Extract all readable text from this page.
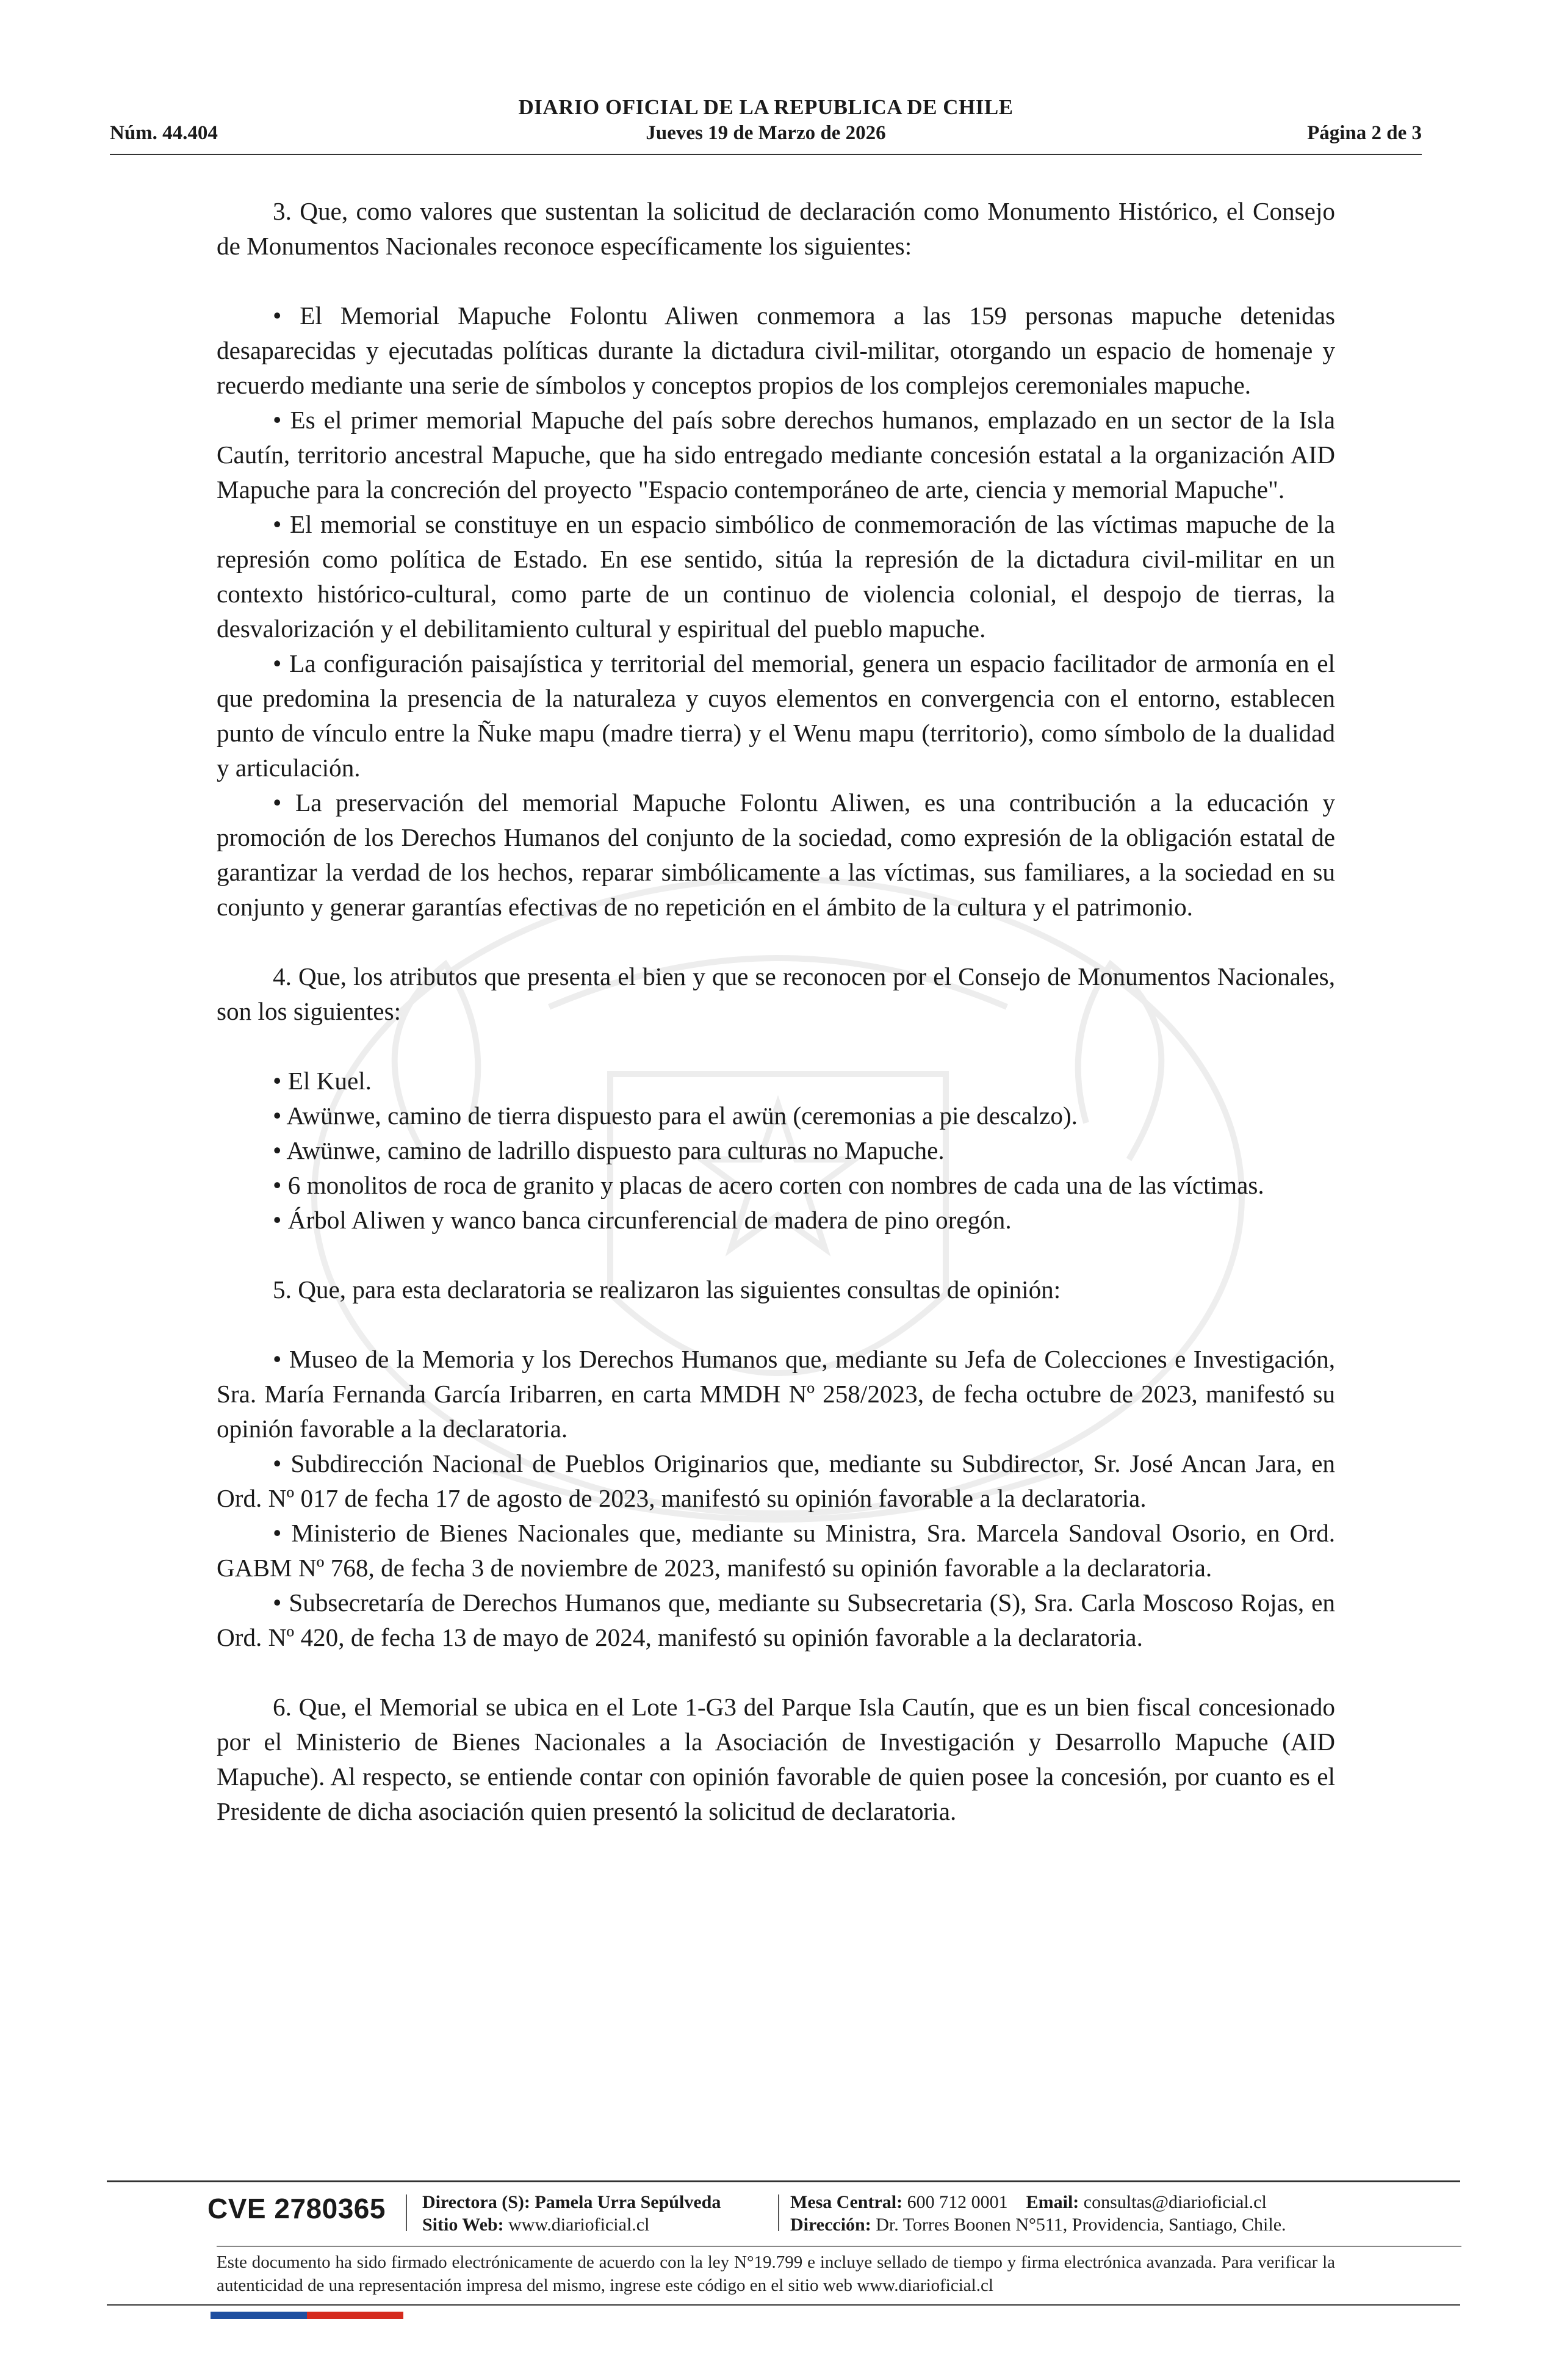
DIARIO OFICIAL DE LA REPUBLICA DE CHILE
Núm. 44.404	Jueves 19 de Marzo de 2026	Página 2 de 3

3. Que, como valores que sustentan la solicitud de declaración como Monumento Histórico, el Consejo de Monumentos Nacionales reconoce específicamente los siguientes:

• El Memorial Mapuche Folontu Aliwen conmemora a las 159 personas mapuche detenidas desaparecidas y ejecutadas políticas durante la dictadura civil-militar, otorgando un espacio de homenaje y recuerdo mediante una serie de símbolos y conceptos propios de los complejos ceremoniales mapuche.

• Es el primer memorial Mapuche del país sobre derechos humanos, emplazado en un sector de la Isla Cautín, territorio ancestral Mapuche, que ha sido entregado mediante concesión estatal a la organización AID Mapuche para la concreción del proyecto "Espacio contemporáneo de arte, ciencia y memorial Mapuche".

• El memorial se constituye en un espacio simbólico de conmemoración de las víctimas mapuche de la represión como política de Estado. En ese sentido, sitúa la represión de la dictadura civil-militar en un contexto histórico-cultural, como parte de un continuo de violencia colonial, el despojo de tierras, la desvalorización y el debilitamiento cultural y espiritual del pueblo mapuche.

• La configuración paisajística y territorial del memorial, genera un espacio facilitador de armonía en el que predomina la presencia de la naturaleza y cuyos elementos en convergencia con el entorno, establecen punto de vínculo entre la Ñuke mapu (madre tierra) y el Wenu mapu (territorio), como símbolo de la dualidad y articulación.

• La preservación del memorial Mapuche Folontu Aliwen, es una contribución a la educación y promoción de los Derechos Humanos del conjunto de la sociedad, como expresión de la obligación estatal de garantizar la verdad de los hechos, reparar simbólicamente a las víctimas, sus familiares, a la sociedad en su conjunto y generar garantías efectivas de no repetición en el ámbito de la cultura y el patrimonio.

4. Que, los atributos que presenta el bien y que se reconocen por el Consejo de Monumentos Nacionales, son los siguientes:

• El Kuel.

• Awünwe, camino de tierra dispuesto para el awün (ceremonias a pie descalzo).

• Awünwe, camino de ladrillo dispuesto para culturas no Mapuche.

• 6 monolitos de roca de granito y placas de acero corten con nombres de cada una de las víctimas.

• Árbol Aliwen y wanco banca circunferencial de madera de pino oregón.

5. Que, para esta declaratoria se realizaron las siguientes consultas de opinión:

• Museo de la Memoria y los Derechos Humanos que, mediante su Jefa de Colecciones e Investigación, Sra. María Fernanda García Iribarren, en carta MMDH Nº 258/2023, de fecha octubre de 2023, manifestó su opinión favorable a la declaratoria.

• Subdirección Nacional de Pueblos Originarios que, mediante su Subdirector, Sr. José Ancan Jara, en Ord. Nº 017 de fecha 17 de agosto de 2023, manifestó su opinión favorable a la declaratoria.

• Ministerio de Bienes Nacionales que, mediante su Ministra, Sra. Marcela Sandoval Osorio, en Ord. GABM Nº 768, de fecha 3 de noviembre de 2023, manifestó su opinión favorable a la declaratoria.

• Subsecretaría de Derechos Humanos que, mediante su Subsecretaria (S), Sra. Carla Moscoso Rojas, en Ord. Nº 420, de fecha 13 de mayo de 2024, manifestó su opinión favorable a la declaratoria.

6. Que, el Memorial se ubica en el Lote 1-G3 del Parque Isla Cautín, que es un bien fiscal concesionado por el Ministerio de Bienes Nacionales a la Asociación de Investigación y Desarrollo Mapuche (AID Mapuche). Al respecto, se entiende contar con opinión favorable de quien posee la concesión, por cuanto es el Presidente de dicha asociación quien presentó la solicitud de declaratoria.

CVE 2780365 Directora (S): Pamela Urra Sepúlveda
Sitio Web: www.diarioficial.cl
Mesa Central: 600 712 0001 Email: consultas@diarioficial.cl
Dirección: Dr. Torres Boonen N°511, Providencia, Santiago, Chile.
Este documento ha sido firmado electrónicamente de acuerdo con la ley N°19.799 e incluye sellado de tiempo y firma electrónica avanzada. Para verificar la autenticidad de una representación impresa del mismo, ingrese este código en el sitio web www.diarioficial.cl
